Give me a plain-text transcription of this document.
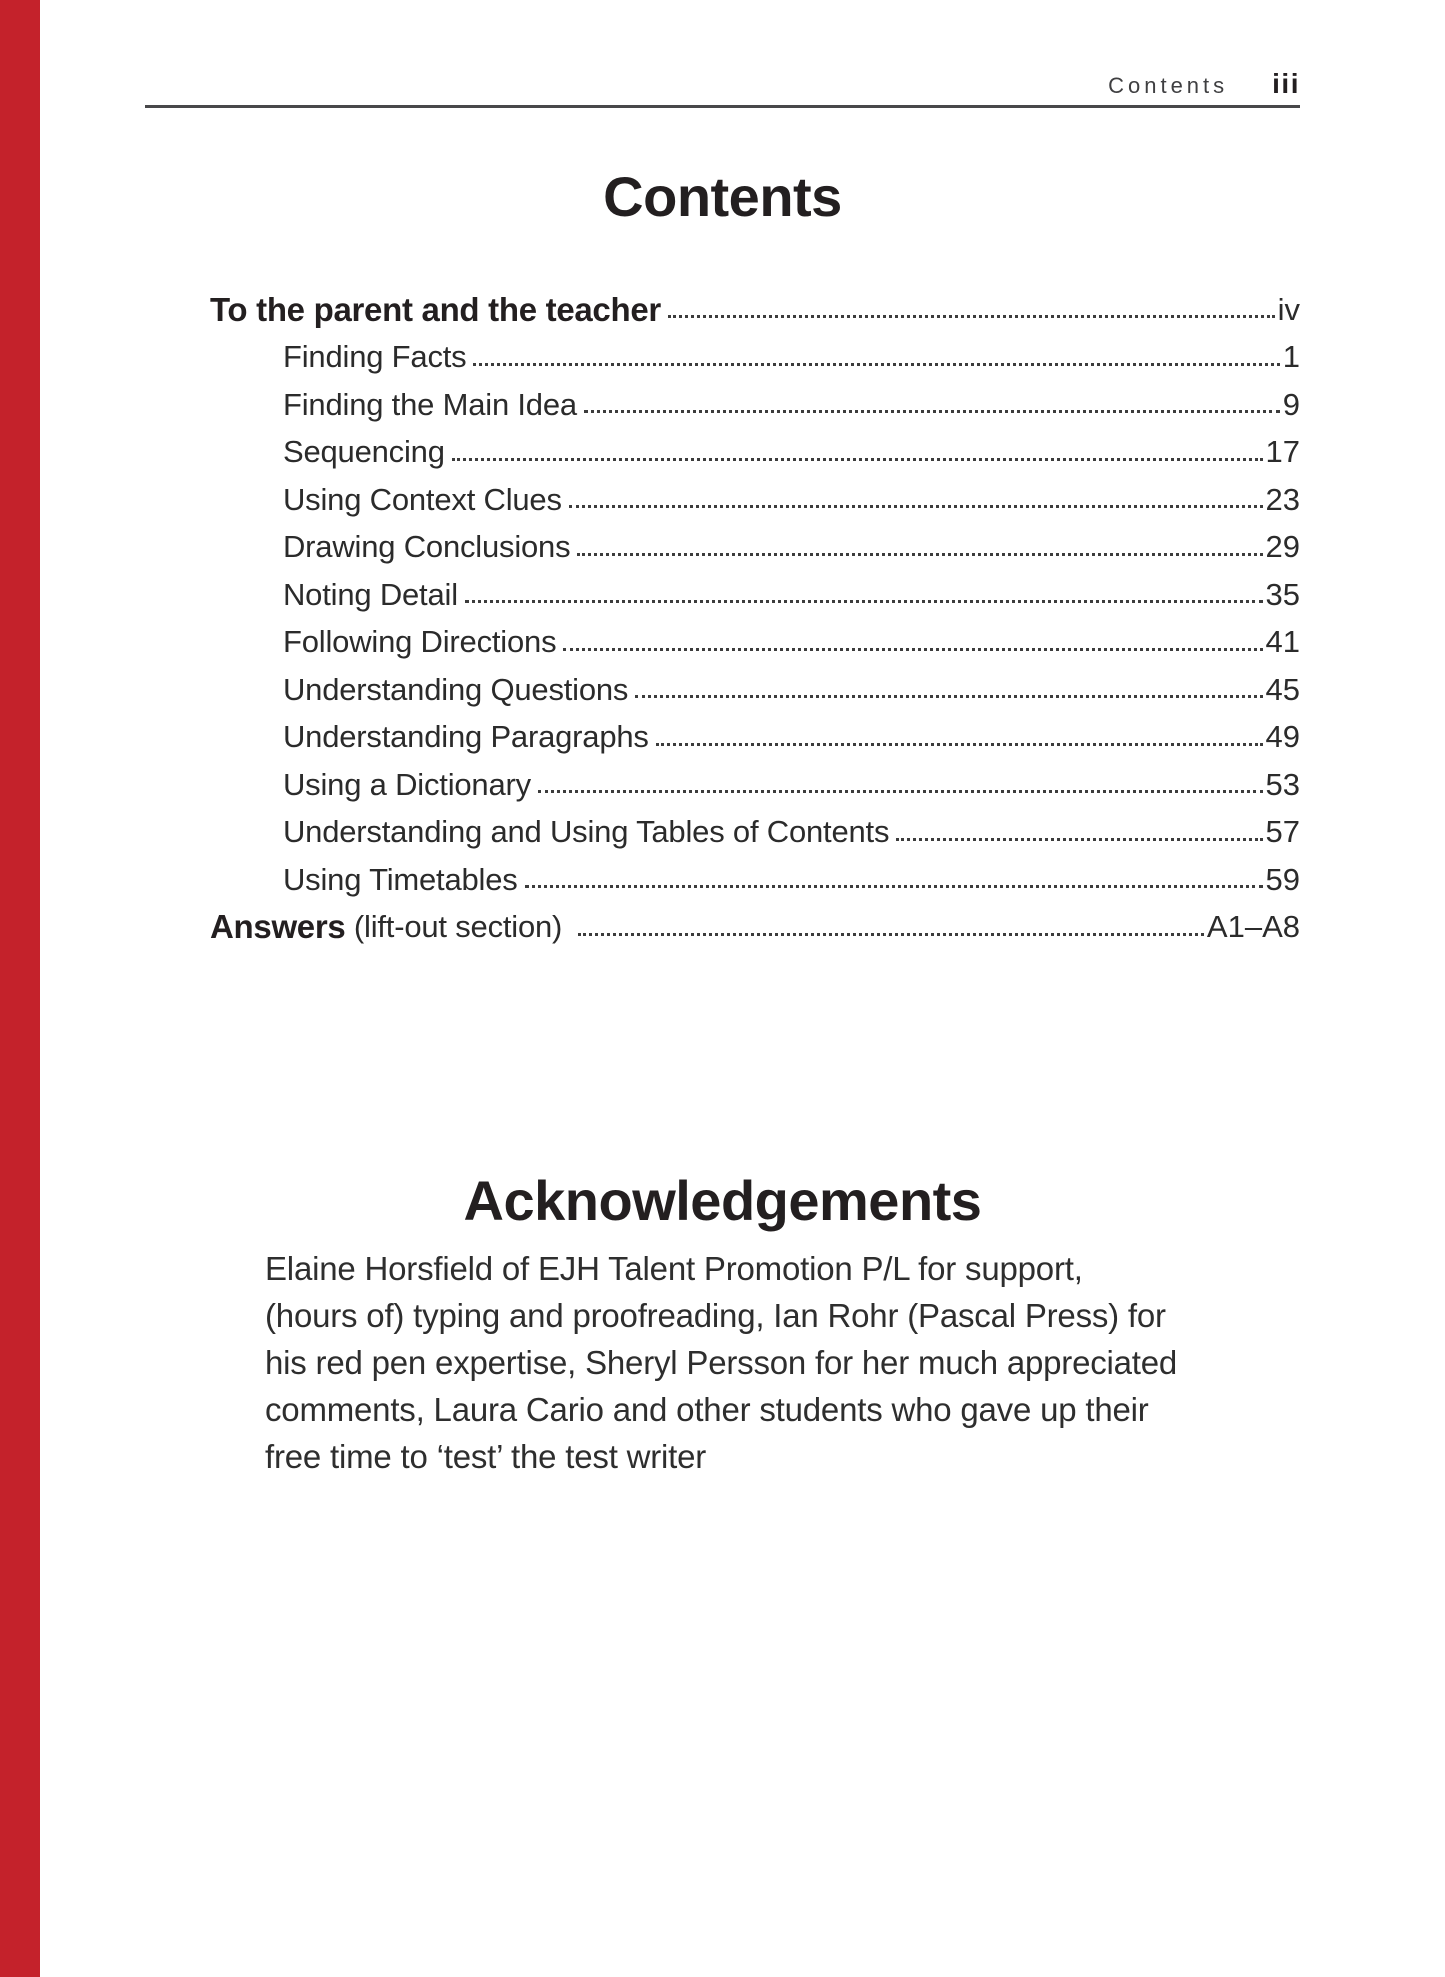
Contents iii
Contents
To the parent and the teacher	iv
Finding Facts	1
Finding the Main Idea	9
Sequencing	17
Using Context Clues	23
Drawing Conclusions	29
Noting Detail	35
Following Directions	41
Understanding Questions	45
Understanding Paragraphs	49
Using a Dictionary	53
Understanding and Using Tables of Contents	57
Using Timetables	59
Answers (lift-out section)	A1–A8
Acknowledgements
Elaine Horsfield of EJH Talent Promotion P/L for support,
(hours of) typing and proofreading, Ian Rohr (Pascal Press) for
his red pen expertise, Sheryl Persson for her much appreciated
comments, Laura Cario and other students who gave up their
free time to ‘test’ the test writer
